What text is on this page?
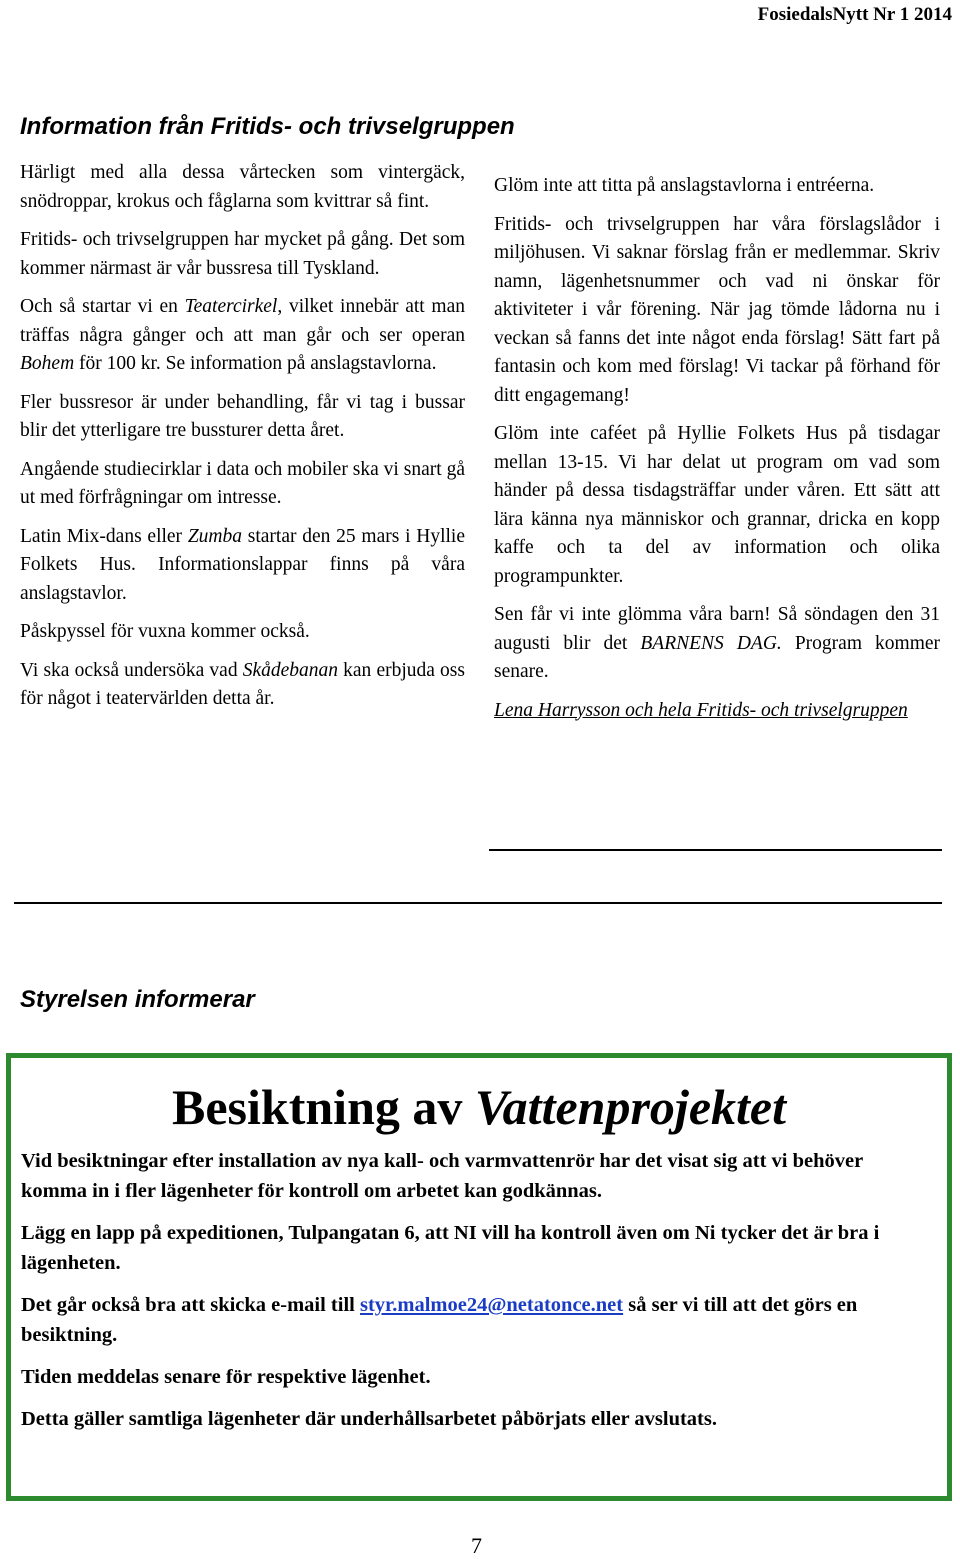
FosiedalsNytt Nr 1 2014
Information från Fritids- och trivselgruppen

Härligt med alla dessa vårtecken som vintergäck, snödroppar, krokus och fåglarna som kvittrar så fint.

Fritids- och trivselgruppen har mycket på gång. Det som kommer närmast är vår bussresa till Tyskland.

Och så startar vi en Teatercirkel, vilket innebär att man träffas några gånger och att man går och ser operan Bohem för 100 kr. Se information på anslagstavlorna.

Fler bussresor är under behandling, får vi tag i bussar blir det ytterligare tre bussturer detta året.

Angående studiecirklar i data och mobiler ska vi snart gå ut med förfrågningar om intresse.

Latin Mix-dans eller Zumba startar den 25 mars i Hyllie Folkets Hus. Informationslappar finns på våra anslagstavlor.

Påskpyssel för vuxna kommer också.

Vi ska också undersöka vad Skådebanan kan erbjuda oss för något i teatervärlden detta år.

Glöm inte att titta på anslagstavlorna i entréerna.

Fritids- och trivselgruppen har våra förslagslådor i miljöhusen. Vi saknar förslag från er medlemmar. Skriv namn, lägenhetsnummer och vad ni önskar för aktiviteter i vår förening. När jag tömde lådorna nu i veckan så fanns det inte något enda förslag! Sätt fart på fantasin och kom med förslag! Vi tackar på förhand för ditt engagemang!

Glöm inte caféet på Hyllie Folkets Hus på tisdagar mellan 13-15. Vi har delat ut program om vad som händer på dessa tisdagsträffar under våren. Ett sätt att lära känna nya människor och grannar, dricka en kopp kaffe och ta del av information och olika programpunkter.

Sen får vi inte glömma våra barn! Så söndagen den 31 augusti blir det BARNENS DAG. Program kommer senare.

Lena Harrysson och hela Fritids- och trivselgruppen

Styrelsen informerar
Besiktning av Vattenprojektet

Vid besiktningar efter installation av nya kall- och varmvattenrör har det visat sig att vi behöver komma in i fler lägenheter för kontroll om arbetet kan godkännas.

Lägg en lapp på expeditionen, Tulpangatan 6, att NI vill ha kontroll även om Ni tycker det är bra i lägenheten.

Det går också bra att skicka e-mail till styr.malmoe24@netatonce.net så ser vi till att det görs en besiktning.

Tiden meddelas senare för respektive lägenhet.

Detta gäller samtliga lägenheter där underhållsarbetet påbörjats eller avslutats.

7
